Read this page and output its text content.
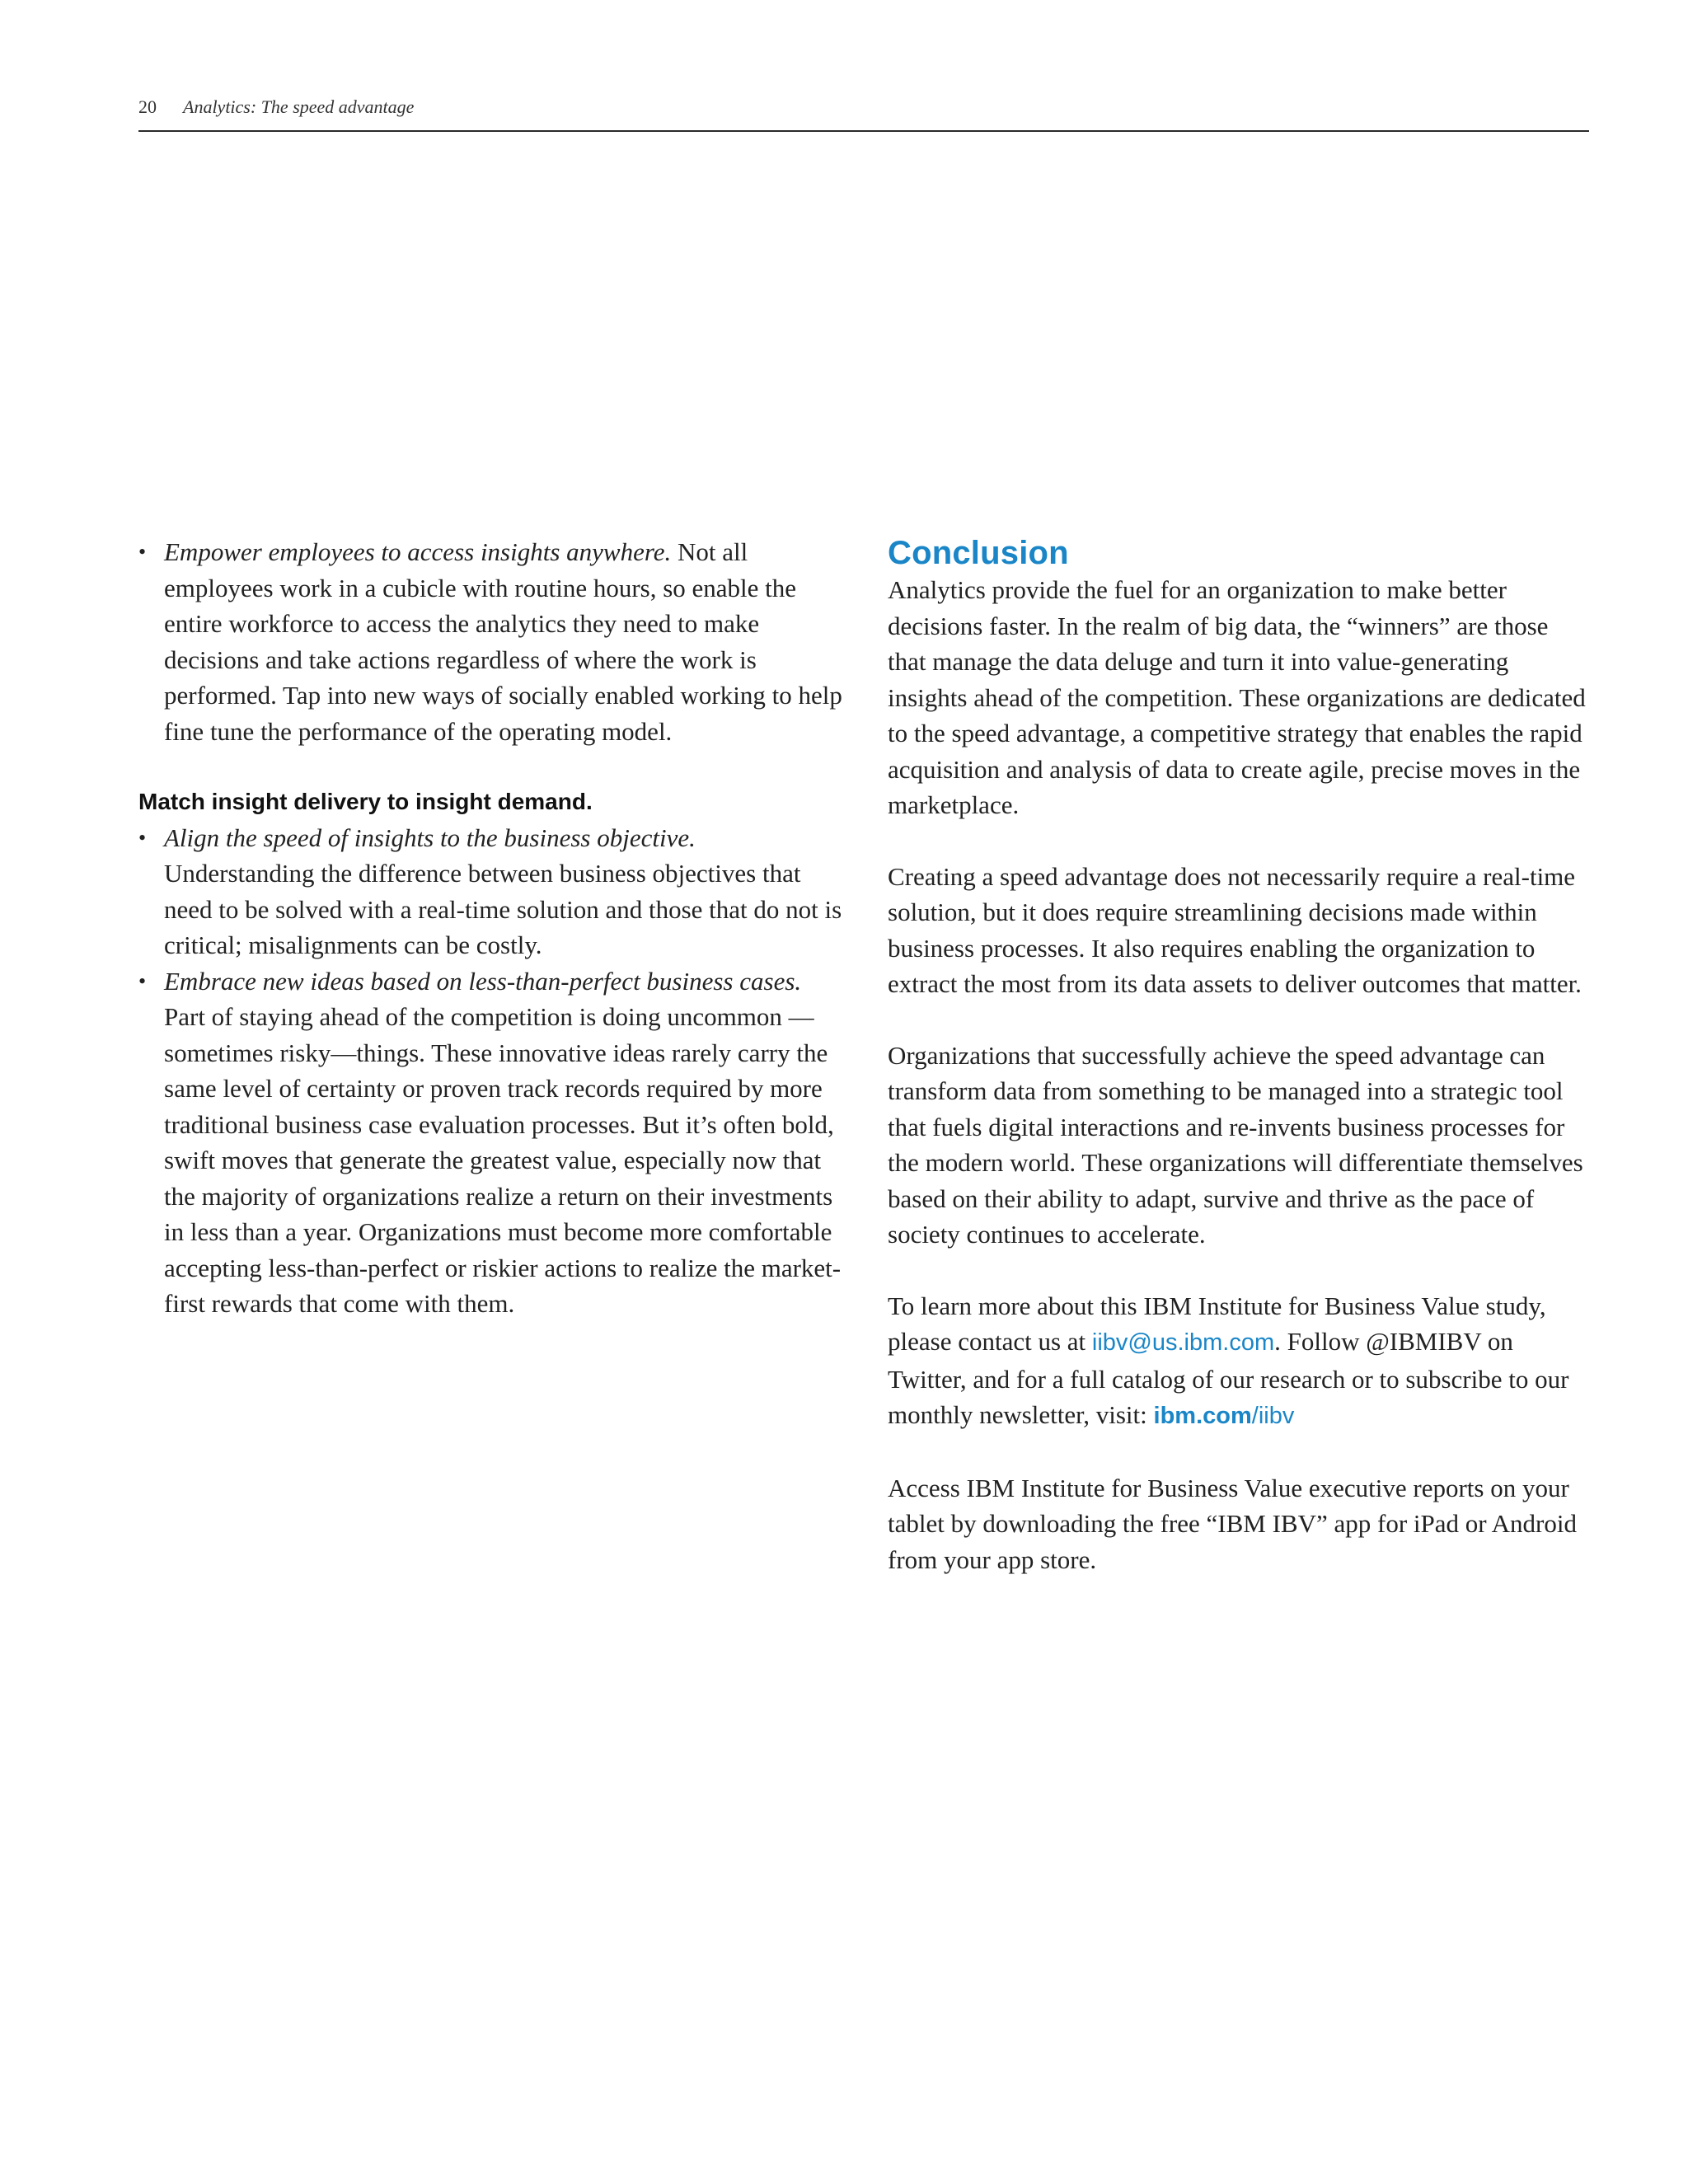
20 Analytics: The speed advantage
• Empower employees to access insights anywhere. Not all employees work in a cubicle with routine hours, so enable the entire workforce to access the analytics they need to make decisions and take actions regardless of where the work is performed. Tap into new ways of socially enabled working to help fine tune the performance of the operating model.
Match insight delivery to insight demand.
• Align the speed of insights to the business objective.
Understanding the difference between business objectives that need to be solved with a real-time solution and those that do not is critical; misalignments can be costly.
• Embrace new ideas based on less-than-perfect business cases.
Part of staying ahead of the competition is doing uncommon —sometimes risky—things. These innovative ideas rarely carry the same level of certainty or proven track records required by more traditional business case evaluation processes. But it’s often bold, swift moves that generate the greatest value, especially now that the majority of organizations realize a return on their investments in less than a year. Organizations must become more comfortable accepting less-than-perfect or riskier actions to realize the market-first rewards that come with them.
Conclusion

Analytics provide the fuel for an organization to make better decisions faster. In the realm of big data, the “winners” are those that manage the data deluge and turn it into value-generating insights ahead of the competition. These organizations are dedicated to the speed advantage, a competitive strategy that enables the rapid acquisition and analysis of data to create agile, precise moves in the marketplace.

Creating a speed advantage does not necessarily require a real-time solution, but it does require streamlining decisions made within business processes. It also requires enabling the organization to extract the most from its data assets to deliver outcomes that matter.

Organizations that successfully achieve the speed advantage can transform data from something to be managed into a strategic tool that fuels digital interactions and re-invents business processes for the modern world. These organizations will differentiate themselves based on their ability to adapt, survive and thrive as the pace of society continues to accelerate.

To learn more about this IBM Institute for Business Value study, please contact us at iibv@us.ibm.com. Follow @IBMIBV on Twitter, and for a full catalog of our research or to subscribe to our monthly newsletter, visit: ibm.com/iibv

Access IBM Institute for Business Value executive reports on your tablet by downloading the free “IBM IBV” app for iPad or Android from your app store.
